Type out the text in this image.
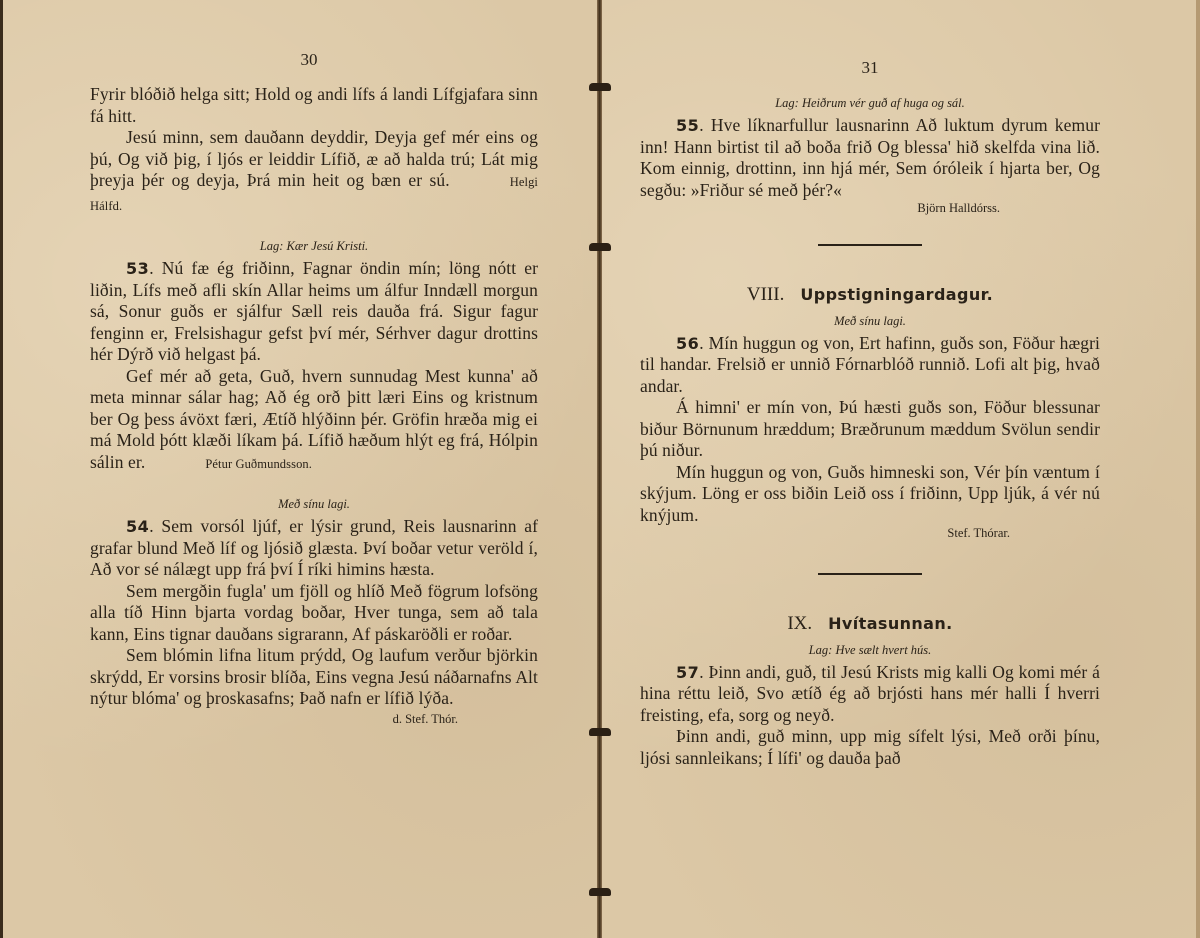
30

Fyrir blóðið helga sitt; Hold og andi lífs á landi Lífgjafara sinn fá hitt.

Jesú minn, sem dauðann deyddir, Deyja gef mér eins og þú, Og við þig, í ljós er leiddir Lífið, æ að halda trú; Lát mig þreyja þér og deyja, Þrá min heit og bæn er sú.	Helgi Hálfd.

Lag: Kær Jesú Kristi.

53. Nú fæ ég friðinn, Fagnar öndin mín; löng nótt er liðin, Lífs með afli skín Allar heims um álfur Inndæll morgun sá, Sonur guðs er sjálfur Sæll reis dauða frá. Sigur fagur fenginn er, Frelsishagur gefst því mér, Sérhver dagur drottins hér Dýrð við helgast þá.

Gef mér að geta, Guð, hvern sunnudag Mest kunna' að meta minnar sálar hag; Að ég orð þitt læri Eins og kristnum ber Og þess ávöxt færi, Ætíð hlýðinn þér. Gröfin hræða mig ei má Mold þótt klæði líkam þá. Lífið hæðum hlýt eg frá, Hólpin sálin er.	Pétur Guðmundsson.

Með sínu lagi.

54. Sem vorsól ljúf, er lýsir grund, Reis lausnarinn af grafar blund Með líf og ljósið glæsta. Því boðar vetur veröld í, Að vor sé nálægt upp frá því Í ríki himins hæsta.

Sem mergðin fugla' um fjöll og hlíð Með fögrum lofsöng alla tíð Hinn bjarta vordag boðar, Hver tunga, sem að tala kann, Eins tignar dauðans sigrarann, Af páskaröðli er roðar.

Sem blómin lifna litum prýdd, Og laufum verður björkin skrýdd, Er vorsins brosir blíða, Eins vegna Jesú náðarnafns Alt nýtur blóma' og þroskasafns; Það nafn er lífið lýða.

d. Stef. Thór.
31
Lag: Heiðrum vér guð af huga og sál.

55. Hve líknarfullur lausnarinn Að luktum dyrum kemur inn! Hann birtist til að boða frið Og blessa' hið skelfda vina lið. Kom einnig, drottinn, inn hjá mér, Sem óróleik í hjarta ber, Og segðu: »Friður sé með þér?«

Björn Halldórss.
VIII. Uppstigningardagur.
Með sínu lagi.

56. Mín huggun og von, Ert hafinn, guðs son, Föður hægri til handar. Frelsið er unnið Fórnarblóð runnið. Lofi alt þig, hvað andar.

Á himni' er mín von, Þú hæsti guðs son, Föður blessunar biður Börnunum hræddum; Bræðrunum mæddum Svölun sendir þú niður.

Mín huggun og von, Guðs himneski son, Vér þín væntum í skýjum. Löng er oss biðin Leið oss í friðinn, Upp ljúk, á vér nú knýjum.

Stef. Thórar.
IX. Hvítasunnan.
Lag: Hve sælt hvert hús.

57. Þinn andi, guð, til Jesú Krists mig kalli Og komi mér á hina réttu leið, Svo ætíð ég að brjósti hans mér halli Í hverri freisting, efa, sorg og neyð.

Þinn andi, guð minn, upp mig sífelt lýsi, Með orði þínu, ljósi sannleikans; Í lífi' og dauða það
